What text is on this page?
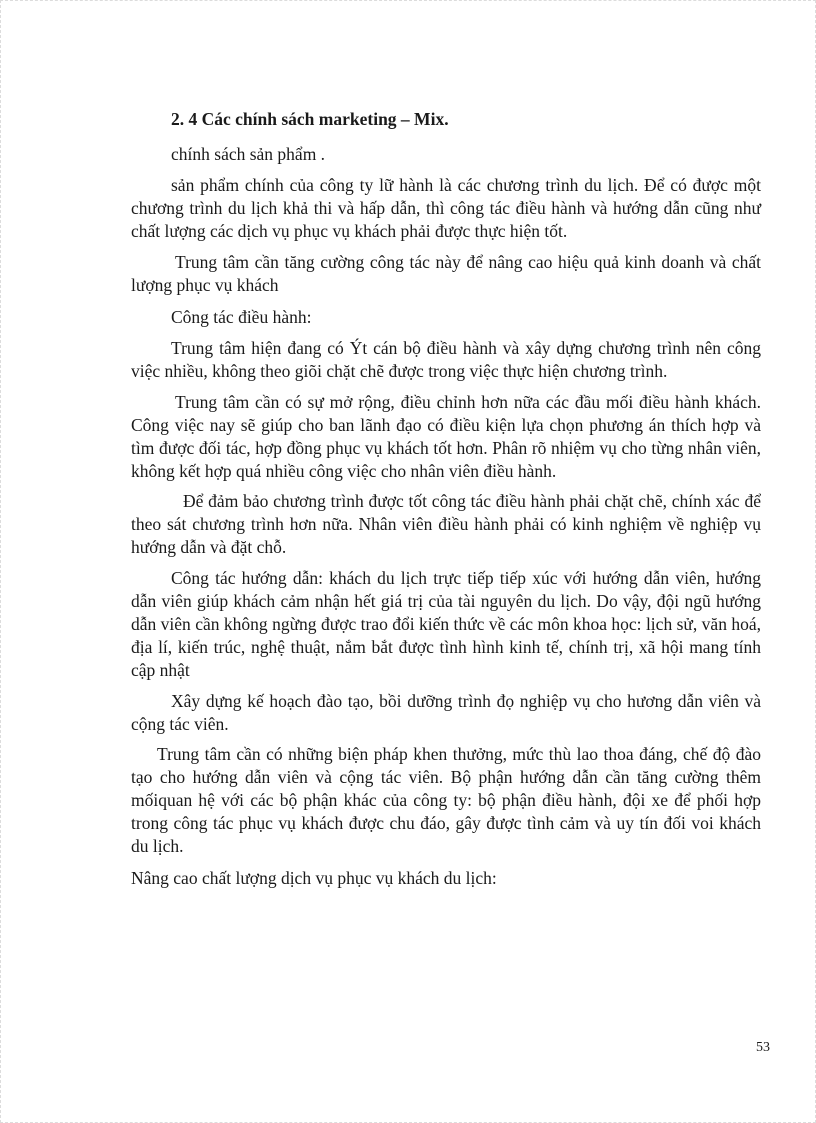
2. 4 Các chính sách marketing – Mix.

chính sách sản phẩm .

sản phẩm chính của công ty lữ hành là các chương trình du lịch. Để có được một chương trình du lịch khả thi và hấp dẫn, thì công tác điều hành và hướng dẫn cũng như chất lượng các dịch vụ phục vụ khách phải được thực hiện tốt.

Trung tâm cần tăng cường công tác này để nâng cao hiệu quả kinh doanh và chất lượng phục vụ khách

Công tác điều hành:

Trung tâm hiện đang có Ýt cán bộ điều hành và xây dựng chương trình nên công việc nhiều, không theo giõi chặt chẽ được trong việc thực hiện chương trình.

Trung tâm cần có sự mở rộng, điều chỉnh hơn nữa các đầu mối điều hành khách. Công việc nay sẽ giúp cho ban lãnh đạo có điều kiện lựa chọn phương án thích hợp và tìm được đối tác, hợp đồng phục vụ khách tốt hơn. Phân rõ nhiệm vụ cho từng nhân viên, không kết hợp quá nhiều công việc cho nhân viên điều hành.

Để đảm bảo chương trình được tốt công tác điều hành phải chặt chẽ, chính xác để theo sát chương trình hơn nữa. Nhân viên điều hành phải có kinh nghiệm về nghiệp vụ hướng dẫn và đặt chỗ.

Công tác hướng dẫn: khách du lịch trực tiếp tiếp xúc với hướng dẫn viên, hướng dẫn viên giúp khách cảm nhận hết giá trị của tài nguyên du lịch. Do vậy, đội ngũ hướng dẫn viên cần không ngừng được trao đổi kiến thức về các môn khoa học: lịch sử, văn hoá, địa lí, kiến trúc, nghệ thuật, nắm bắt được tình hình kinh tế, chính trị, xã hội mang tính cập nhật

Xây dựng kế hoạch đào tạo, bồi dưỡng trình đọ nghiệp vụ cho hương dẫn viên và cộng tác viên.

Trung tâm cần có những biện pháp khen thưởng, mức thù lao thoa đáng, chế độ đào tạo cho hướng dẫn viên và cộng tác viên. Bộ phận hướng dẫn cần tăng cường thêm mốiquan hệ với các bộ phận khác của công ty: bộ phận điều hành, đội xe để phối hợp trong công tác phục vụ khách được chu đáo, gây được tình cảm và uy tín đối voi khách du lịch.

Nâng cao chất lượng dịch vụ phục vụ khách du lịch:

53
